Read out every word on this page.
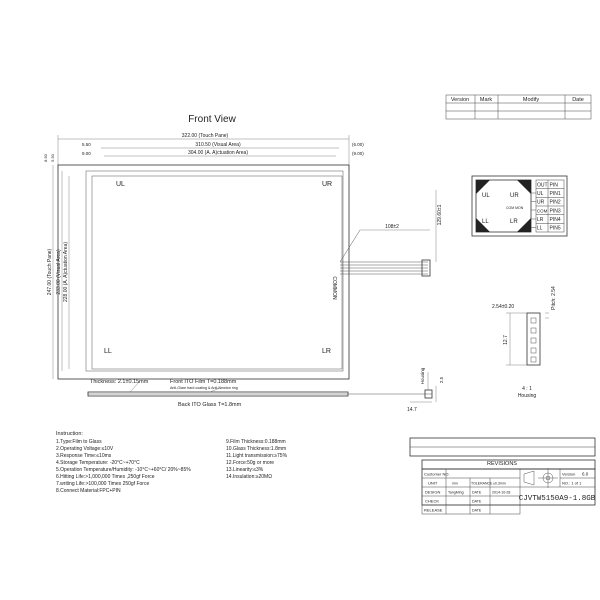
Version Mark	Modify	Date
Front View
322.00 (Touch Pane)
310.50 (Visual Area)
304.00 (A. A)ctuation Area)
5.50
9.00
(6.00)
(9.00)
8.50 5.50
247.00 (Touch Pane) 233.00 (Visual Area) 228.00 (A. A)ctuation Area)
UL	UR
LL	LR
COMMON
108±2
129.60±1
UL	UR
LL	LR
COM MON
OUT PIN
UL PIN1
UR PIN2
COM PIN3
LR PIN4
LL PIN5
2.54±0.20	Pitch: 2.54
12.7
4 : 1
Housing
Thickness: 2.1±0.15mm	Front ITO Film T=0.188mm
Anti-Glare hard coating & Anti-Newton ring
Back ITO Glass T=1.8mm
Housing	2.5
14.7
Instruction:
1.Type:Film to Glass
2.Operating Voltage:≤10V
3.Response Time:≤10ms
4.Storage Temperature: -20°C~+70°C
5.Operation Temperature/Humidity: -10°C~+60°C/ 20%~85%
6.Hitting Life:>1,000,000 Times ,250gf Force
7.writing Life:>100,000 Times 250gf Force
8.Connect Material:FPC+PIN
9.Film Thickness:0.188mm
10.Glass Thickness:1.8mm
11.Light transmission:≥75%
12.Force:50g or more
13.Linearity:≤3%
14.Insulation:≥20MΩ
REVISIONS
Customer NO.	Version 6.0
UNIT	mm	TOLERANCE ±0.3mm	NO.: 1 of 1
DESIGN TangMing DATE	2014-10-28
CHECK	DATE
RELEASE	DATE
CJVTW5150A9-1.8GB
